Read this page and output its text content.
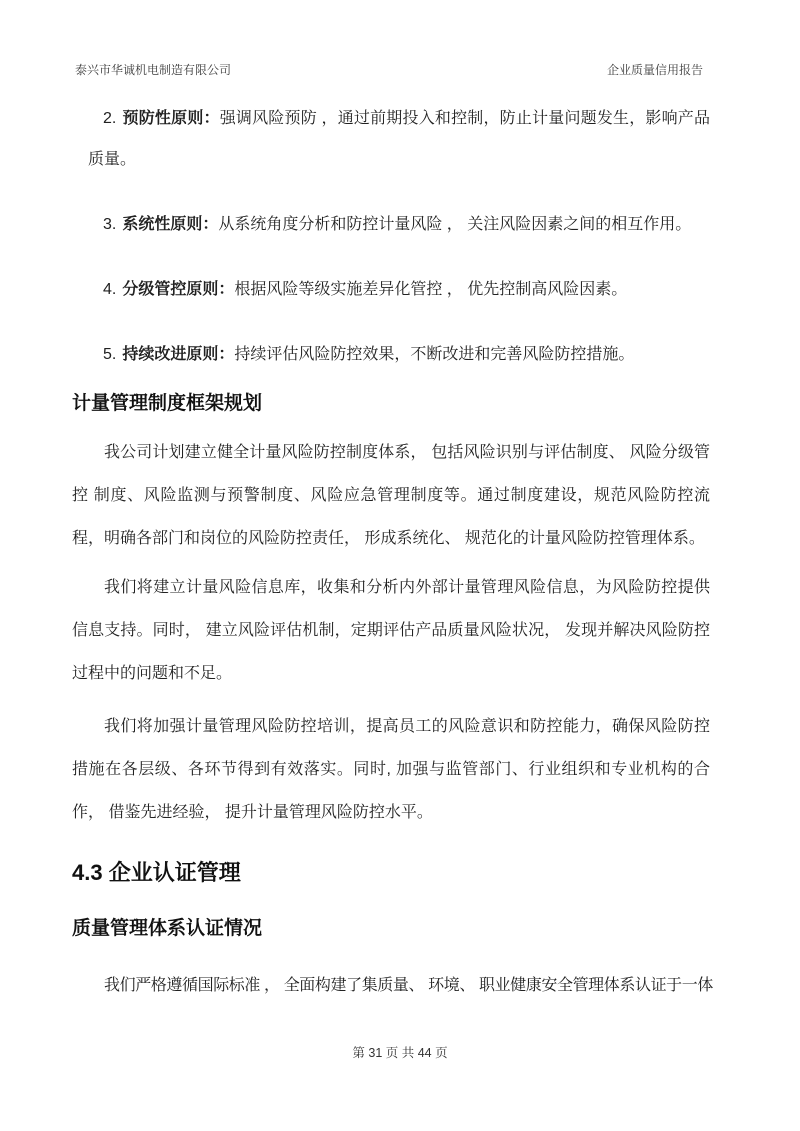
泰兴市华诚机电制造有限公司	企业质量信用报告
2. 预防性原则：强调风险预防 ，通过前期投入和控制，防止计量问题发生，影响产品质量。
3. 系统性原则：从系统角度分析和防控计量风险 ， 关注风险因素之间的相互作用。
4. 分级管控原则：根据风险等级实施差异化管控 ， 优先控制高风险因素。
5. 持续改进原则：持续评估风险防控效果，不断改进和完善风险防控措施。
计量管理制度框架规划

我公司计划建立健全计量风险防控制度体系， 包括风险识别与评估制度、 风险分级管控 制度、风险监测与预警制度、风险应急管理制度等。通过制度建设，规范风险防控流程，明确各部门和岗位的风险防控责任， 形成系统化、 规范化的计量风险防控管理体系。

我们将建立计量风险信息库，收集和分析内外部计量管理风险信息，为风险防控提供信息支持。同时， 建立风险评估机制，定期评估产品质量风险状况， 发现并解决风险防控过程中的问题和不足。

我们将加强计量管理风险防控培训，提高员工的风险意识和防控能力，确保风险防控措施在各层级、各环节得到有效落实。同时, 加强与监管部门、行业组织和专业机构的合作， 借鉴先进经验， 提升计量管理风险防控水平。

4.3 企业认证管理
质量管理体系认证情况

我们严格遵循国际标准 ， 全面构建了集质量、 环境、 职业健康安全管理体系认证于一体

第 31 页 共 44 页
